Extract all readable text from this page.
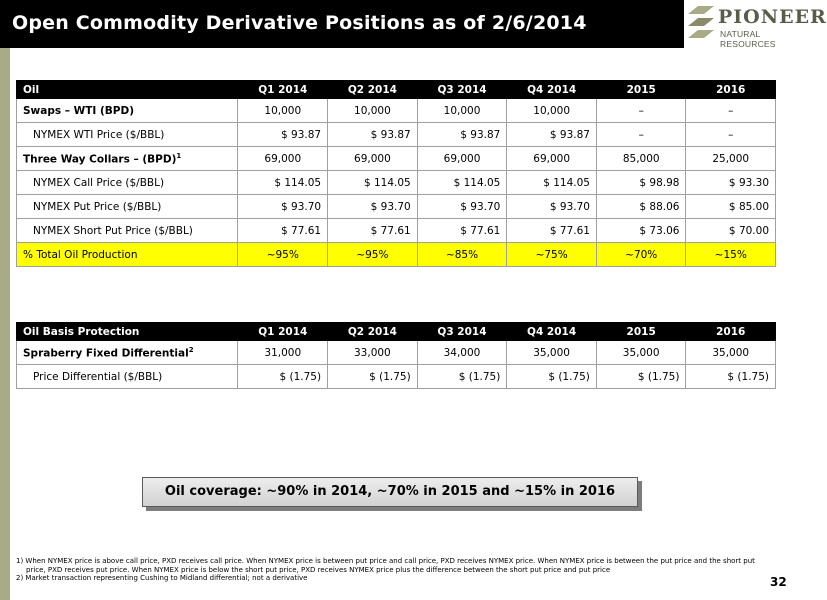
Open Commodity Derivative Positions as of 2/6/2014	PIONEER
NATURAL RESOURCES
Oil	Q1 2014	Q2 2014	Q3 2014	Q4 2014	2015	2016
Swaps – WTI (BPD)	10,000	10,000	10,000	10,000	–	–
NYMEX WTI Price ($/BBL)	$ 93.87	$ 93.87	$ 93.87	$ 93.87	–	–
Three Way Collars – (BPD)$^1$	69,000	69,000	69,000	69,000	85,000	25,000
NYMEX Call Price ($/BBL)	$ 114.05	$ 114.05	$ 114.05	$ 114.05	$ 98.98	$ 93.30
NYMEX Put Price ($/BBL)	$ 93.70	$ 93.70	$ 93.70	$ 93.70	$ 88.06	$ 85.00
NYMEX Short Put Price ($/BBL)	$ 77.61	$ 77.61	$ 77.61	$ 77.61	$ 73.06	$ 70.00
% Total Oil Production	~95%	~95%	~85%	~75%	~70%	~15%
Oil Basis Protection	Q1 2014	Q2 2014	Q3 2014	Q4 2014	2015	2016
Spraberry Fixed Differential$^2$	31,000	33,000	34,000	35,000	35,000	35,000
Price Differential ($/BBL)	$ (1.75)	$ (1.75)	$ (1.75)	$ (1.75)	$ (1.75)	$ (1.75)
Oil coverage: ~90% in 2014, ~70% in 2015 and ~15% in 2016
1) When NYMEX price is above call price, PXD receives call price. When NYMEX price is between put price and call price, PXD receives NYMEX price. When NYMEX price is between the put price and the short put price, PXD receives put price. When NYMEX price is below the short put price, PXD receives NYMEX price plus the difference between the short put price and put price
2) Market transaction representing Cushing to Midland differential; not a derivative	32
